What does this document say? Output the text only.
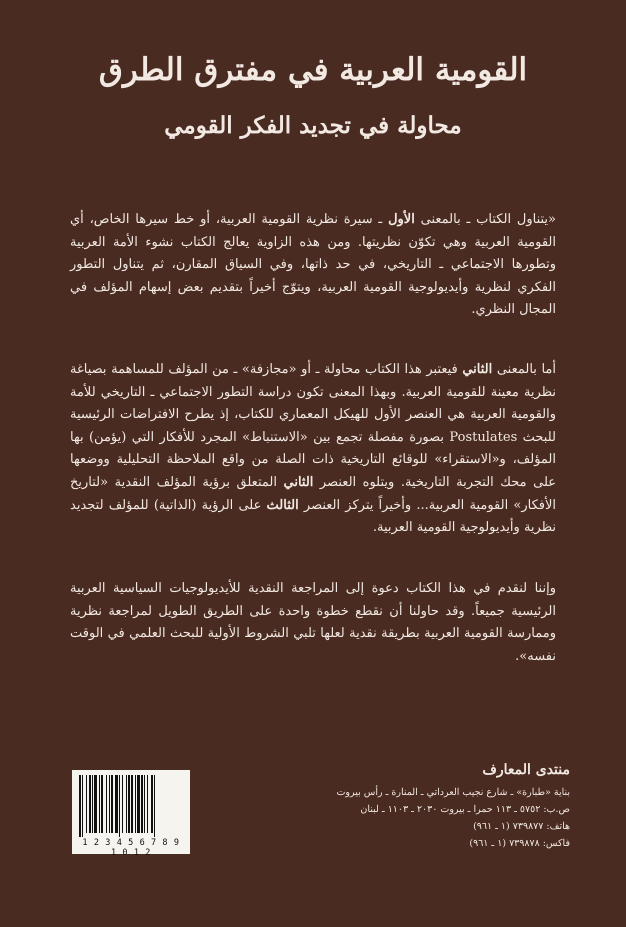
القومية العربية في مفترق الطرق
محاولة في تجديد الفكر القومي
«يتناول الكتاب ـ بالمعنى الأول ـ سيرة نظرية القومية العربية، أو خط سيرها الخاص، أي القومية العربية وهي تكوّن نظريتها. ومن هذه الزاوية يعالج الكتاب نشوء الأمة العربية وتطورها الاجتماعي ـ التاريخي، في حد ذاتها، وفي السياق المقارن، ثم يتناول التطور الفكري لنظرية وأيديولوجية القومية العربية، ويتوّج أخيراً بتقديم بعض إسهام المؤلف في المجال النظري.
أما بالمعنى الثاني فيعتبر هذا الكتاب محاولة ـ أو «مجازفة» ـ من المؤلف للمساهمة بصياغة نظرية معينة للقومية العربية. وبهذا المعنى تكون دراسة التطور الاجتماعي ـ التاريخي للأمة والقومية العربية هي العنصر الأول للهيكل المعماري للكتاب، إذ يطرح الافتراضات الرئيسية للبحث Postulates بصورة مفصلة تجمع بين «الاستنباط» المجرد للأفكار التي (يؤمن) بها المؤلف، و«الاستقراء» للوقائع التاريخية ذات الصلة من واقع الملاحظة التحليلية ووضعها على محك التجربة التاريخية. ويتلوه العنصر الثاني المتعلق برؤية المؤلف النقدية «لتاريخ الأفكار» القومية العربية... وأخيراً يتركز العنصر الثالث على الرؤية (الذاتية) للمؤلف لتجديد نظرية وأيديولوجية القومية العربية.
وإننا لنقدم في هذا الكتاب دعوة إلى المراجعة النقدية للأيديولوجيات السياسية العربية الرئيسية جميعاً. وقد حاولنا أن نقطع خطوة واحدة على الطريق الطويل لمراجعة نظرية وممارسة القومية العربية بطريقة نقدية لعلها تلبي الشروط الأولية للبحث العلمي في الوقت نفسه».
منتدى المعارف
بناية «طبارة» ـ شارع نجيب العرداتي ـ المنارة ـ رأس بيروت
ص.ب: ٥٧٥٢ ـ ١١٣ حمرا ـ بيروت ٢٠٣٠ ـ ١١٠٣ ـ لبنان
هاتف: ٧٣٩٨٧٧ (١ ـ ٩٦١)
فاكس: ٧٣٩٨٧٨ (١ ـ ٩٦١)
1 2 3 4 5 6 7 8 9 1 0 1 2
